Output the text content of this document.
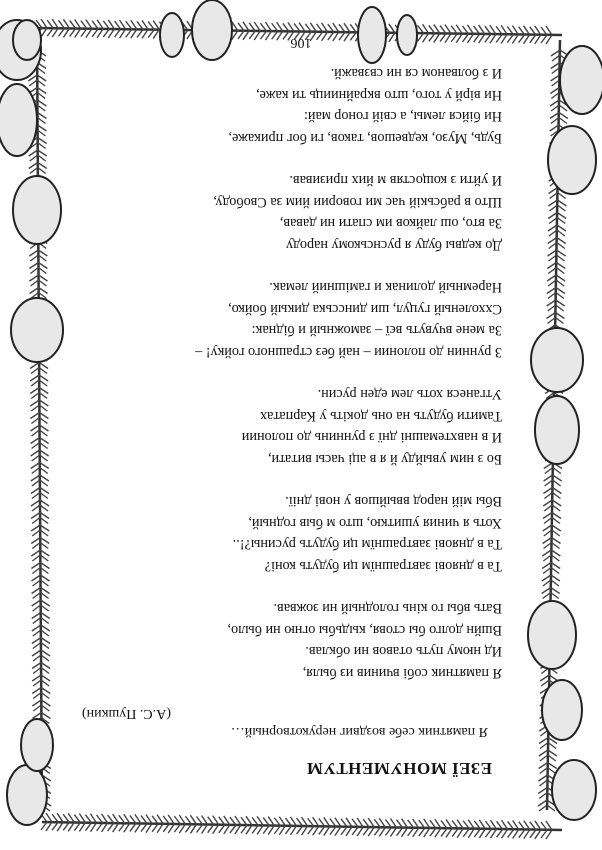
ЕЗЕЇ МОНУМЕНТУМ
Я памятник себе воздвиг нерукотворный…
(А.С. Пушкин)
Я памятник собі вчинив из быля,
Ид нюму путь отавов ни обклав.
Вшйн долго бы стовя, кыдьбы огню ни было,
Вать вбы го кінь голодный ни зожвав.
Та в дняові завтрашнїм ци будуть коні?
Та в дняові завтрашнїм ци будуть русины?!..
Хоть я чиния ушиткю, што м быв годный,
Вбы мій народ ввыйшов у нові днії.
Бо з ним увыйду й я в аці часы витати,
И в навхтемашні днї з руннинь до полонии
Тамити будуть на онь докіть у Карпатах
Утганеся хоть лем еден русин.
З руннин до полонии – най без страшного гойку! –
За мене вчувуть вєї – заможный и біднак:
Сххоленый гуцул, ши динсська дикый бойко,
Наремный долинак и гамішний лемак.
До кедвы буду я руснському народу
За вто, ош лайков им спати ни давав,
Што в рабській час ми говории йим за Свободу,
И уйти з кощостяв м йих призивав.
Будь, Музо, кедвешов, таков, ги бог прикаже,
Ни бійся лемы, а свій гонор май:
Ни вірй у того, што вкрайнииць ти каже,
И з болваном ся ни свзважй.
106
